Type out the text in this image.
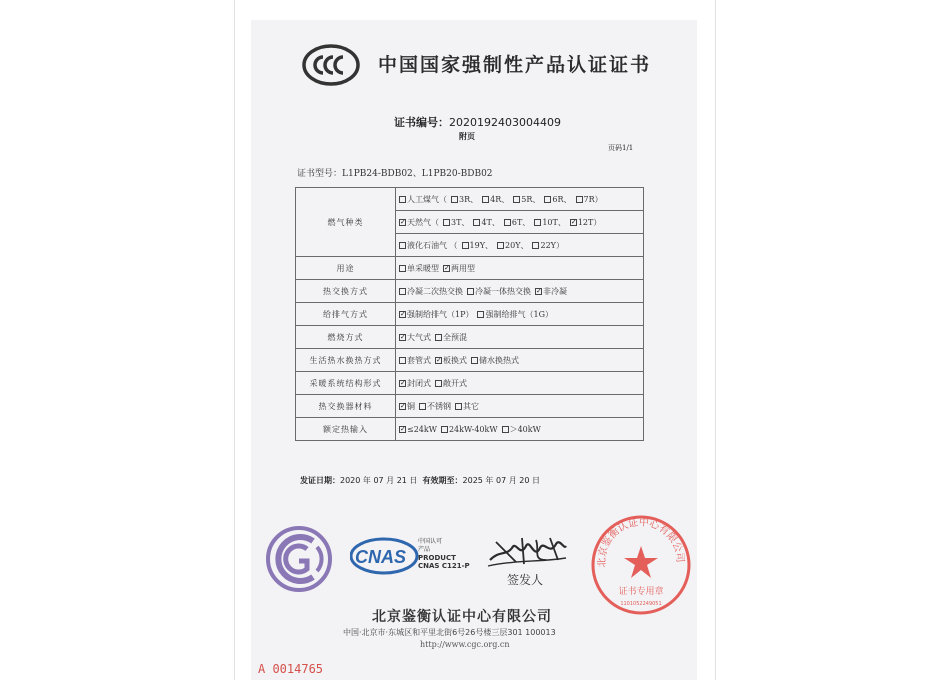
中国国家强制性产品认证证书
证书编号：2020192403004409
附页
页码1/1
证书型号：L1PB24-BDB02、L1PB20-BDB02
燃气种类	人工煤气（ 3R、 4R、 5R、 6R、 7R）
✓天然气（ 3T、 4T、 6T、 10T、 ✓ 12T）
	液化石油气 （ 19Y、 20Y、 22Y）
用途	单采暖型 ✓ 两用型
热交换方式	冷凝二次热交换 冷凝一体热交换 ✓ 非冷凝
给排气方式	✓强制给排气（1P） 强制给排气（1G）
燃烧方式	✓大气式 全预混
生活热水换热方式	套管式 ✓ 板换式 储水换热式
采暖系统结构形式	✓封闭式 敞开式
热交换器材料	✓铜 不锈钢 其它
额定热输入	✓≤24kW 24kW-40kW ＞40kW
发证日期：2020 年 07 月 21 日 有效期至：2025 年 07 月 20 日
CNAS
中国认可
产品
PRODUCT
CNAS C121-P
签发人
北京鉴衡认证中心有限公司
证书专用章
1101052249051
北京鉴衡认证中心有限公司
中国·北京市·东城区和平里北街6号26号楼三层301 100013
http://www.cgc.org.cn
A 0014765
